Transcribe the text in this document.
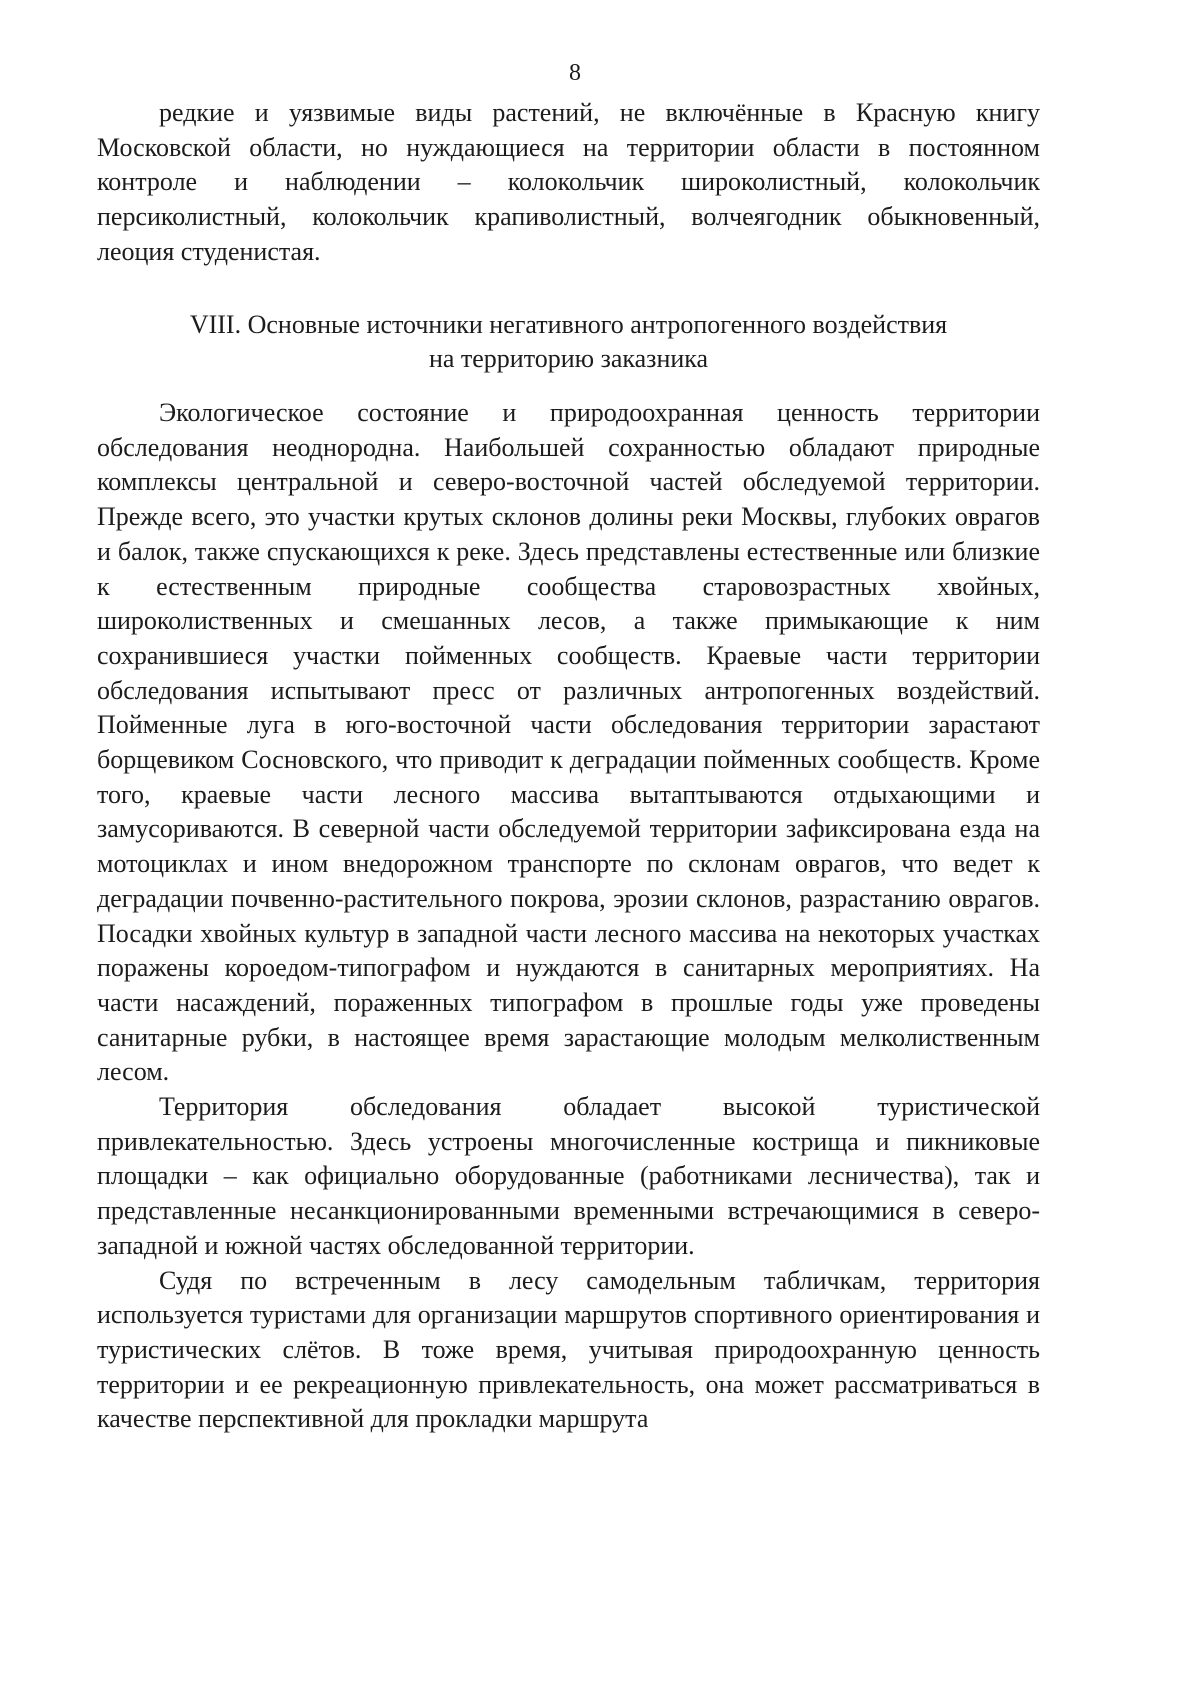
8

редкие и уязвимые виды растений, не включённые в Красную книгу Московской области, но нуждающиеся на территории области в постоянном контроле и наблюдении – колокольчик широколистный, колокольчик персиколистный, колокольчик крапиволистный, волчеягодник обыкновенный, леоция студенистая.

VIII. Основные источники негативного антропогенного воздействия
на территорию заказника

Экологическое состояние и природоохранная ценность территории обследования неоднородна. Наибольшей сохранностью обладают природные комплексы центральной и северо-восточной частей обследуемой территории. Прежде всего, это участки крутых склонов долины реки Москвы, глубоких оврагов и балок, также спускающихся к реке. Здесь представлены естественные или близкие к естественным природные сообщества старовозрастных хвойных, широколиственных и смешанных лесов, а также примыкающие к ним сохранившиеся участки пойменных сообществ. Краевые части территории обследования испытывают пресс от различных антропогенных воздействий. Пойменные луга в юго-восточной части обследования территории зарастают борщевиком Сосновского, что приводит к деградации пойменных сообществ. Кроме того, краевые части лесного массива вытаптываются отдыхающими и замусориваются. В северной части обследуемой территории зафиксирована езда на мотоциклах и ином внедорожном транспорте по склонам оврагов, что ведет к деградации почвенно-растительного покрова, эрозии склонов, разрастанию оврагов. Посадки хвойных культур в западной части лесного массива на некоторых участках поражены короедом-типографом и нуждаются в санитарных мероприятиях. На части насаждений, пораженных типографом в прошлые годы уже проведены санитарные рубки, в настоящее время зарастающие молодым мелколиственным лесом.

Территория обследования обладает высокой туристической привлекательностью. Здесь устроены многочисленные кострища и пикниковые площадки – как официально оборудованные (работниками лесничества), так и представленные несанкционированными временными встречающимися в северо-западной и южной частях обследованной территории.

Судя по встреченным в лесу самодельным табличкам, территория используется туристами для организации маршрутов спортивного ориентирования и туристических слётов. В тоже время, учитывая природоохранную ценность территории и ее рекреационную привлекательность, она может рассматриваться в качестве перспективной для прокладки маршрута
